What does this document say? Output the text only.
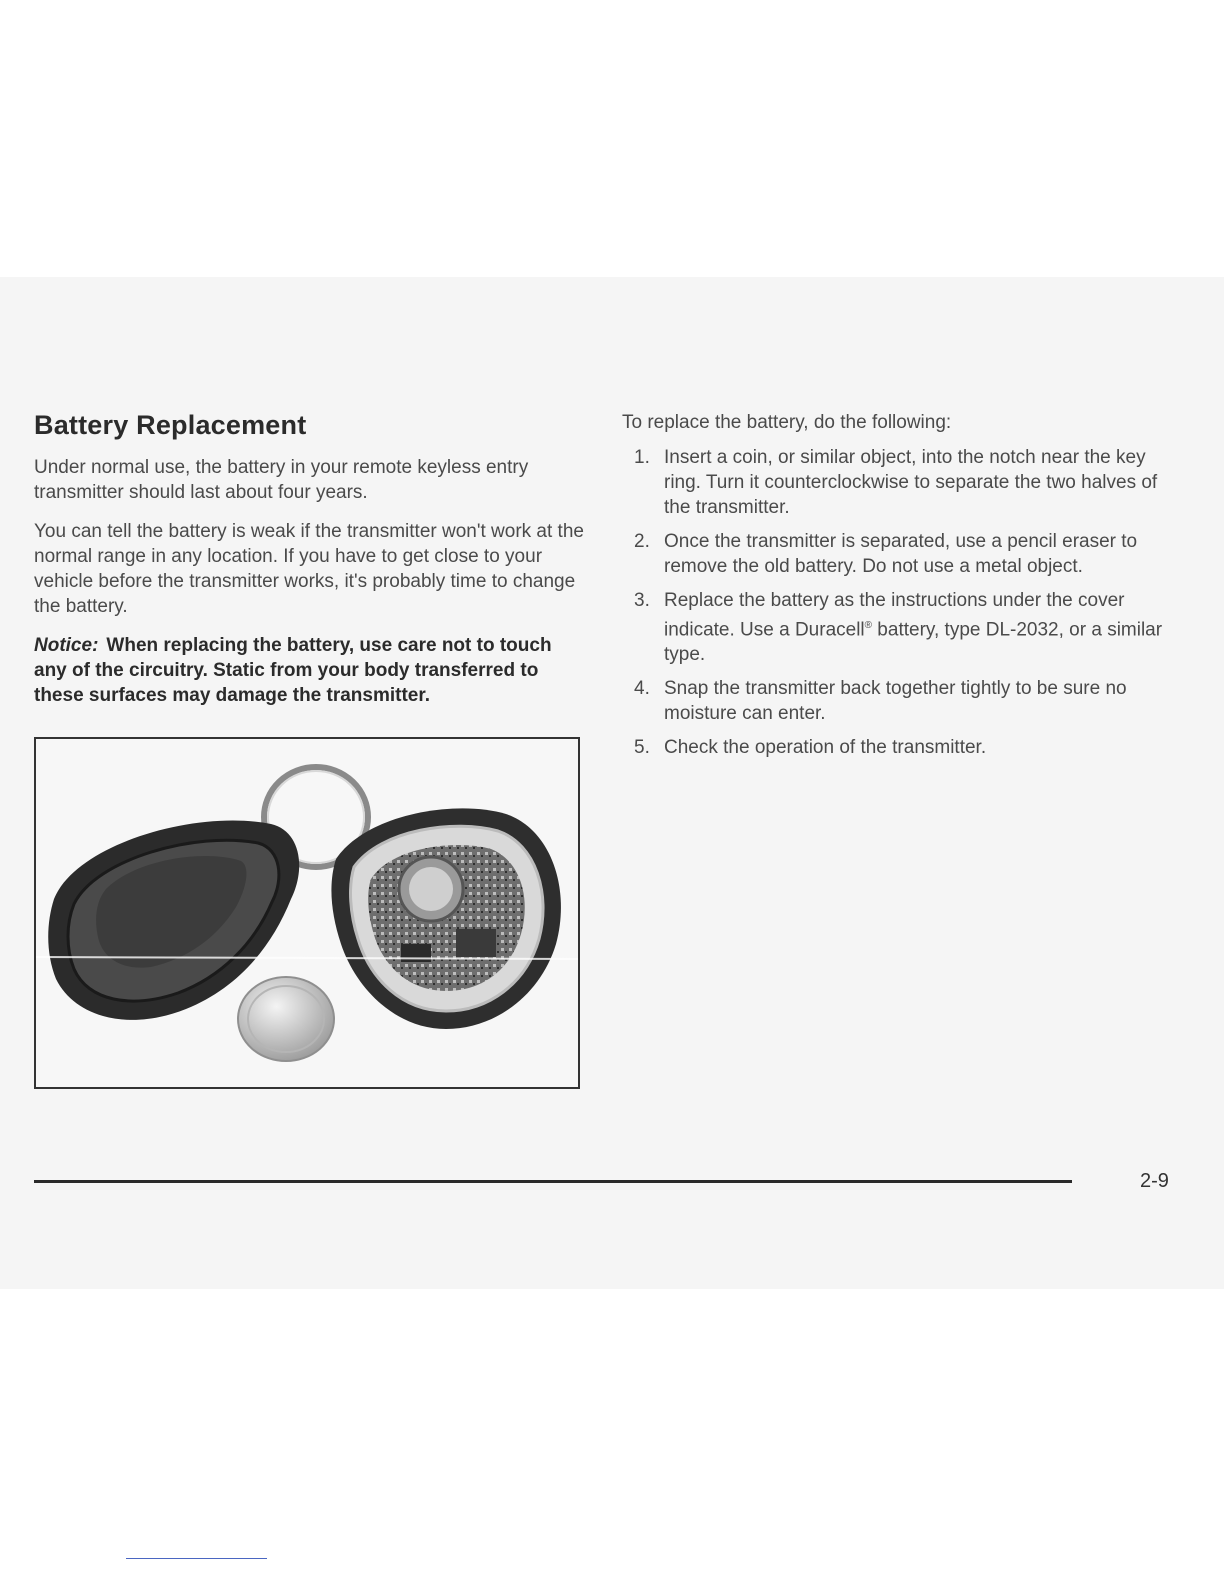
Battery Replacement

Under normal use, the battery in your remote keyless entry transmitter should last about four years.

You can tell the battery is weak if the transmitter won't work at the normal range in any location. If you have to get close to your vehicle before the transmitter works, it's probably time to change the battery.

Notice: When replacing the battery, use care not to touch any of the circuitry. Static from your body transferred to these surfaces may damage the transmitter.

To replace the battery, do the following:

1. Insert a coin, or similar object, into the notch near the key ring. Turn it counterclockwise to separate the two halves of the transmitter.
2. Once the transmitter is separated, use a pencil eraser to remove the old battery. Do not use a metal object.
3. Replace the battery as the instructions under the cover indicate. Use a Duracell® battery, type DL-2032, or a similar type.
4. Snap the transmitter back together tightly to be sure no moisture can enter.
5. Check the operation of the transmitter.
2-9
